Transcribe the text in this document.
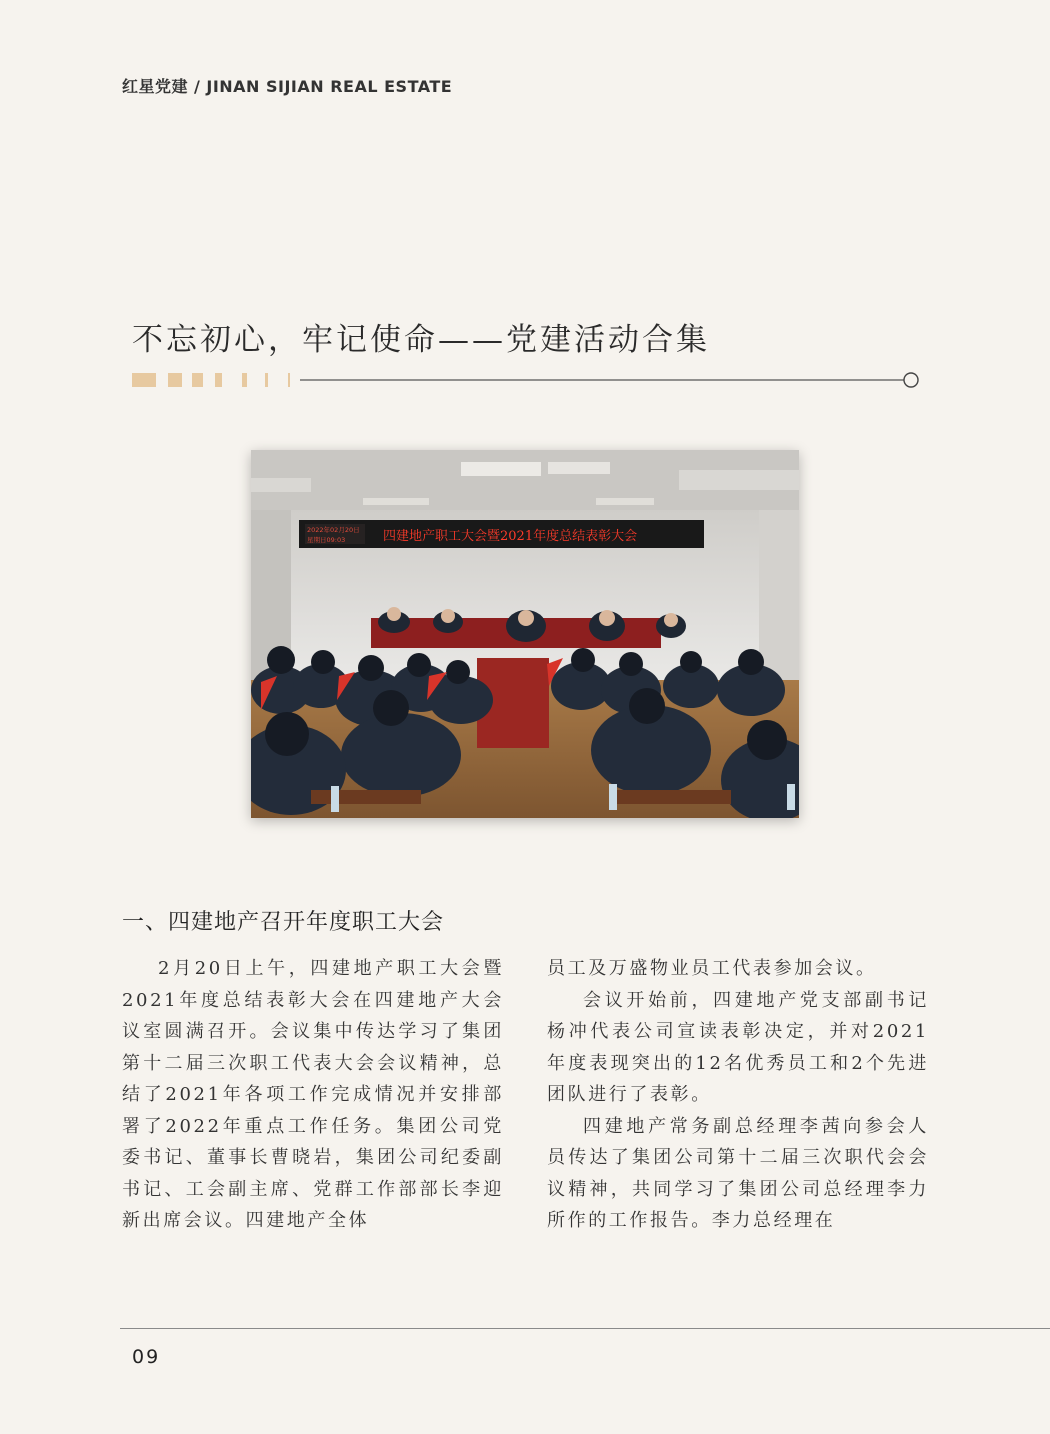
红星党建 / JINAN SIJIAN REAL ESTATE
不忘初心，牢记使命——党建活动合集
2022年02月20日
星期日09:03	四建地产职工大会暨2021年度总结表彰大会
一、四建地产召开年度职工大会

2月20日上午，四建地产职工大会暨2021年度总结表彰大会在四建地产大会议室圆满召开。会议集中传达学习了集团第十二届三次职工代表大会会议精神，总结了2021年各项工作完成情况并安排部署了2022年重点工作任务。集团公司党委书记、董事长曹晓岩，集团公司纪委副书记、工会副主席、党群工作部部长李迎新出席会议。四建地产全体

员工及万盛物业员工代表参加会议。

会议开始前，四建地产党支部副书记杨冲代表公司宣读表彰决定，并对2021年度表现突出的12名优秀员工和2个先进团队进行了表彰。

四建地产常务副总经理李茜向参会人员传达了集团公司第十二届三次职代会会议精神，共同学习了集团公司总经理李力所作的工作报告。李力总经理在

09
